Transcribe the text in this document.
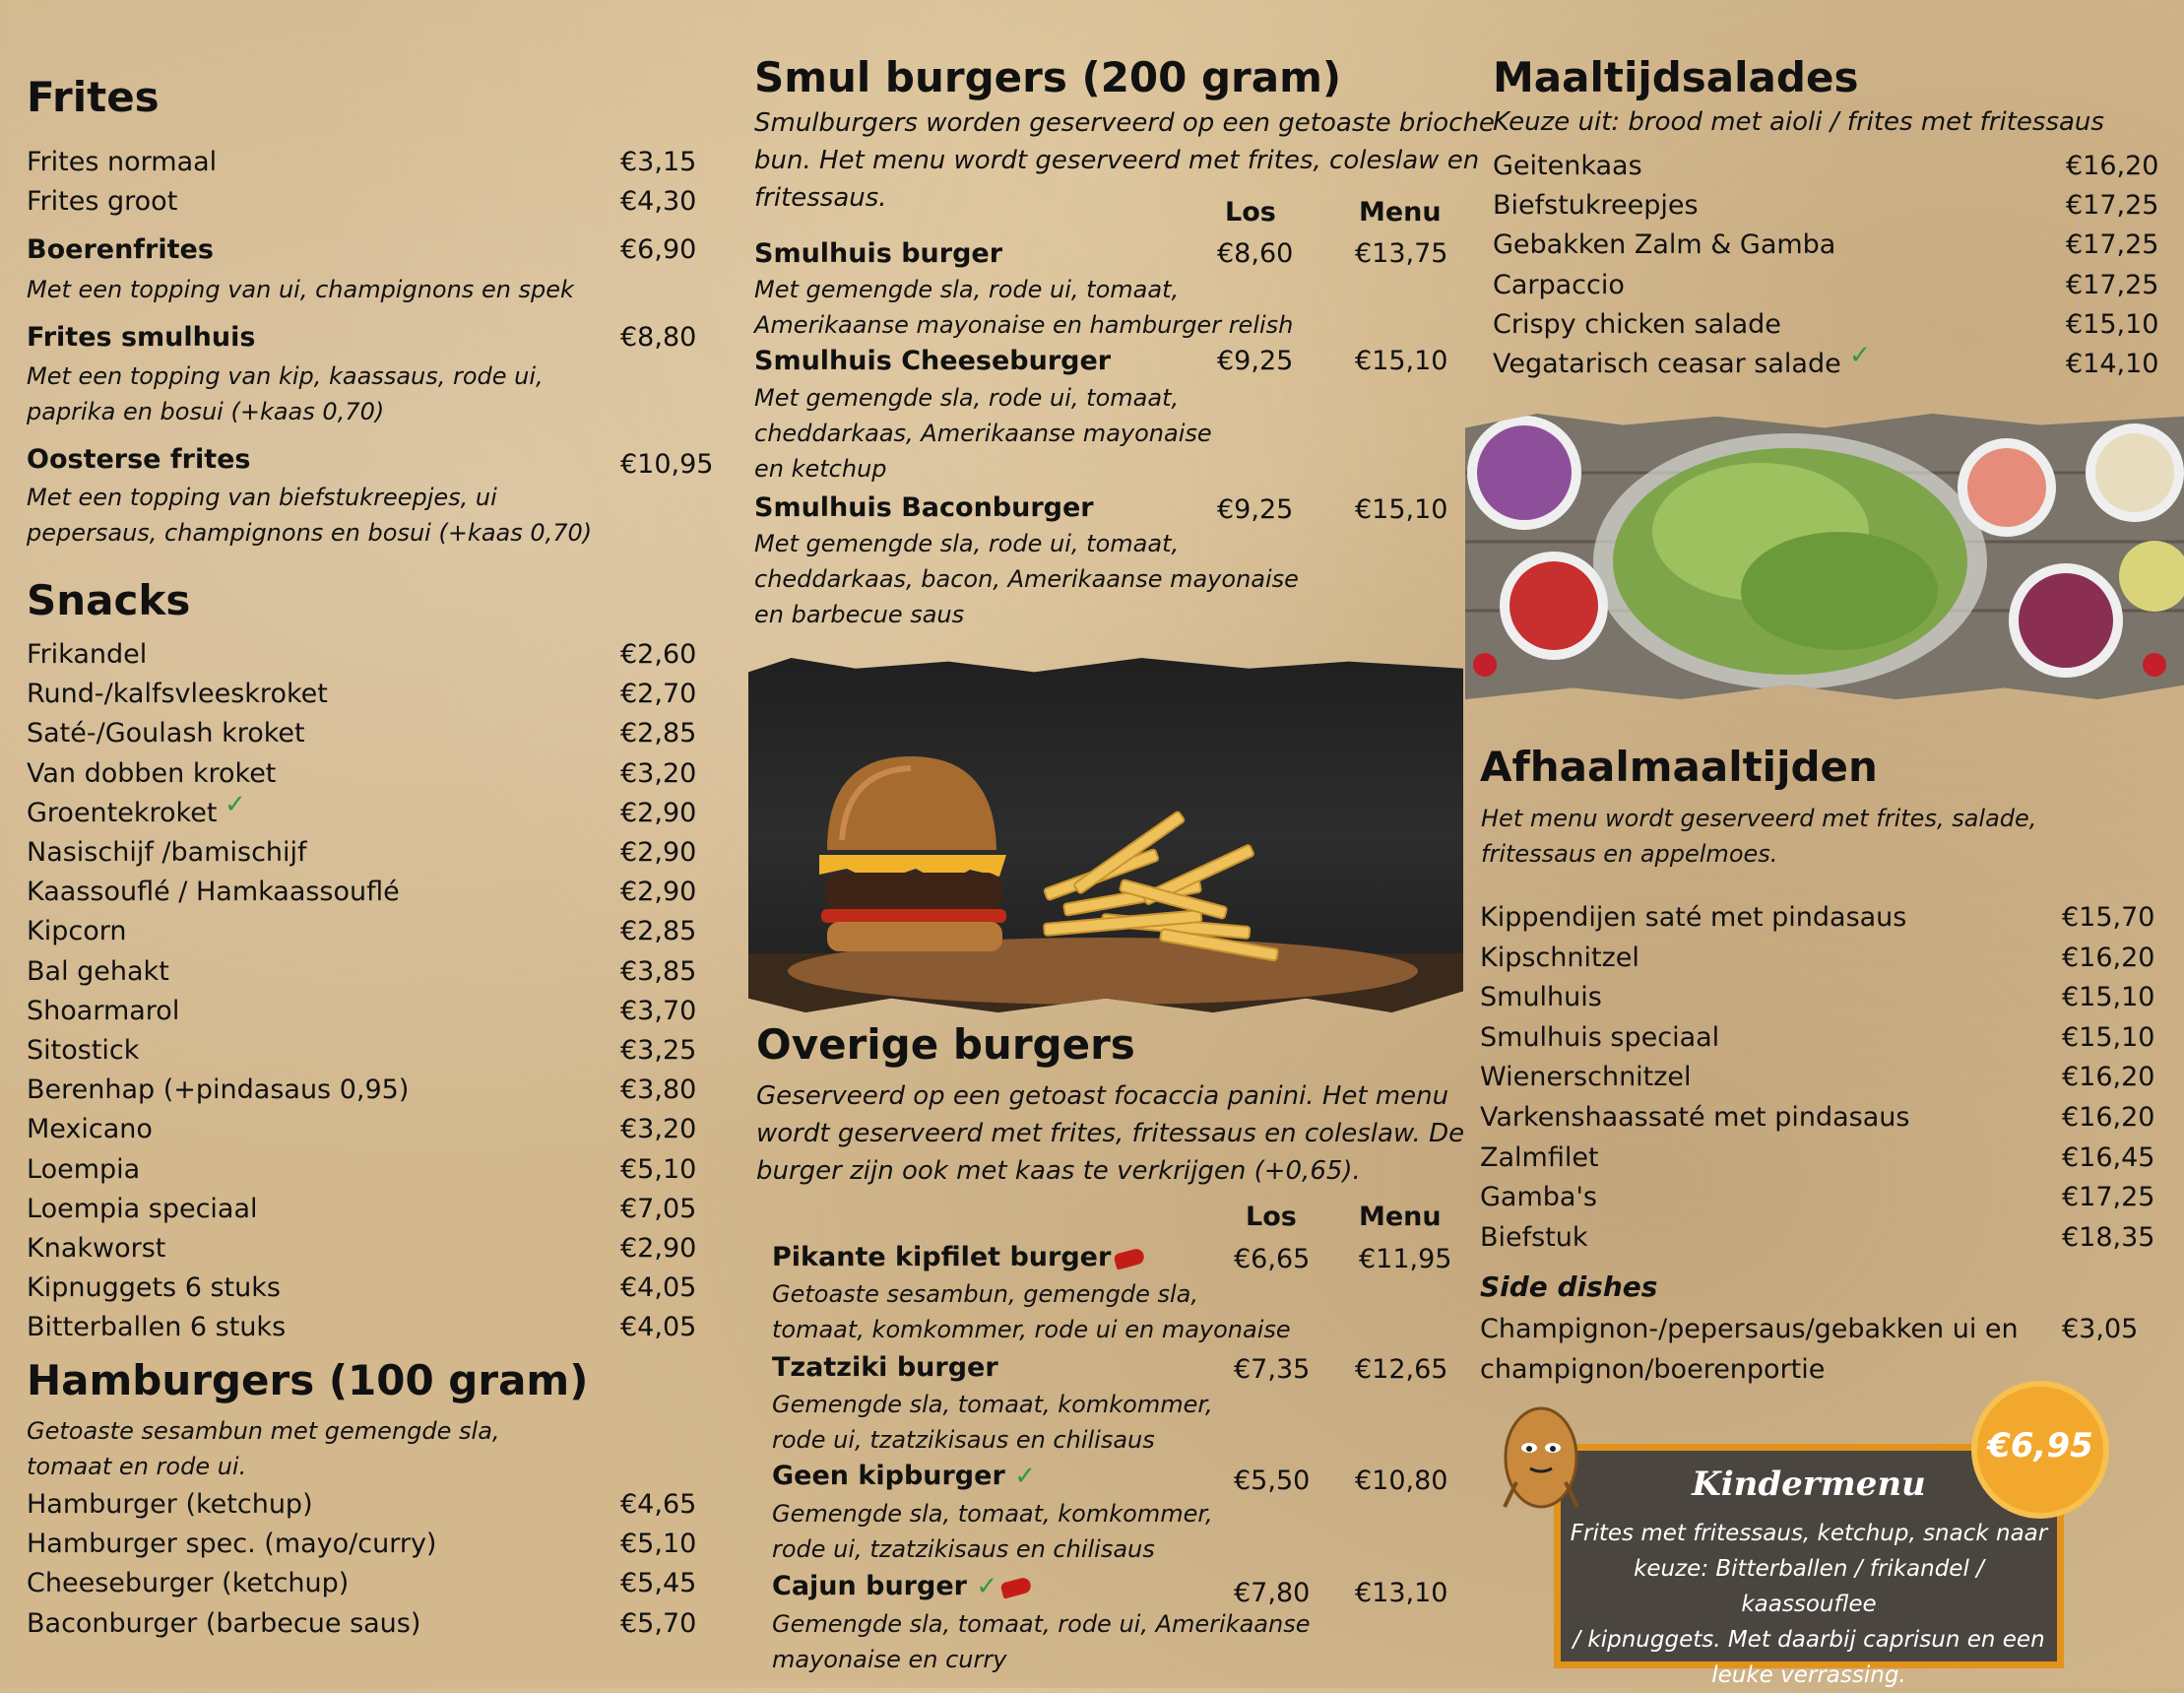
Frites
Frites normaal	€3,15
Frites groot	€4,30
Boerenfrites	€6,90
Met een topping van ui, champignons en spek
Frites smulhuis	€8,80
Met een topping van kip, kaassaus, rode ui,
paprika en bosui (+kaas 0,70)
Oosterse frites	€10,95
Met een topping van biefstukreepjes, ui
pepersaus, champignons en bosui (+kaas 0,70)
Snacks
Frikandel	€2,60
Rund-/kalfsvleeskroket	€2,70
Saté-/Goulash kroket	€2,85
Van dobben kroket	€3,20
Groentekroket ✓	€2,90
Nasischijf /bamischijf	€2,90
Kaassouflé / Hamkaassouflé	€2,90
Kipcorn	€2,85
Bal gehakt	€3,85
Shoarmarol	€3,70
Sitostick	€3,25
Berenhap (+pindasaus 0,95)	€3,80
Mexicano	€3,20
Loempia	€5,10
Loempia speciaal	€7,05
Knakworst	€2,90
Kipnuggets 6 stuks	€4,05
Bitterballen 6 stuks	€4,05
Hamburgers (100 gram)
Getoaste sesambun met gemengde sla,
tomaat en rode ui.
Hamburger (ketchup)	€4,65
Hamburger spec. (mayo/curry)	€5,10
Cheeseburger (ketchup)	€5,45
Baconburger (barbecue saus)	€5,70
Smul burgers (200 gram)
Smulburgers worden geserveerd op een getoaste brioche
bun. Het menu wordt geserveerd met frites, coleslaw en
fritessaus.	Los	Menu
Smulhuis burger	€8,60 €13,75
Met gemengde sla, rode ui, tomaat,
Amerikaanse mayonaise en hamburger relish
Smulhuis Cheeseburger	€9,25 €15,10
Met gemengde sla, rode ui, tomaat,
cheddarkaas, Amerikaanse mayonaise
en ketchup
Smulhuis Baconburger	€9,25 €15,10
Met gemengde sla, rode ui, tomaat,
cheddarkaas, bacon, Amerikaanse mayonaise
en barbecue saus
Overige burgers
Geserveerd op een getoast focaccia panini. Het menu
wordt geserveerd met frites, fritessaus en coleslaw. De
burger zijn ook met kaas te verkrijgen (+0,65).
Los Menu
Pikante kipfilet burger	€6,65 €11,95
Getoaste sesambun, gemengde sla,
tomaat, komkommer, rode ui en mayonaise
Tzatziki burger	€7,35 €12,65
Gemengde sla, tomaat, komkommer,
rode ui, tzatzikisaus en chilisaus
Geen kipburger ✓	€5,50 €10,80
Gemengde sla, tomaat, komkommer,
rode ui, tzatzikisaus en chilisaus
Cajun burger ✓	€7,80 €13,10
Gemengde sla, tomaat, rode ui, Amerikaanse
mayonaise en curry
Maaltijdsalades
Keuze uit: brood met aioli / frites met fritessaus
Geitenkaas	€16,20
Biefstukreepjes	€17,25
Gebakken Zalm & Gamba	€17,25
Carpaccio	€17,25
Crispy chicken salade	€15,10
Vegatarisch ceasar salade ✓	€14,10
Afhaalmaaltijden
Het menu wordt geserveerd met frites, salade,
fritessaus en appelmoes.
Kippendijen saté met pindasaus	€15,70
Kipschnitzel	€16,20
Smulhuis	€15,10
Smulhuis speciaal	€15,10
Wienerschnitzel	€16,20
Varkenshaassaté met pindasaus	€16,20
Zalmfilet	€16,45
Gamba's	€17,25
Biefstuk	€18,35
Side dishes
Champignon-/pepersaus/gebakken ui en
champignon/boerenportie
€3,05
Kindermenu
Frites met fritessaus, ketchup, snack naar
keuze: Bitterballen / frikandel / kaassouflee
/ kipnuggets. Met daarbij caprisun en een
leuke verrassing.
€6,95
